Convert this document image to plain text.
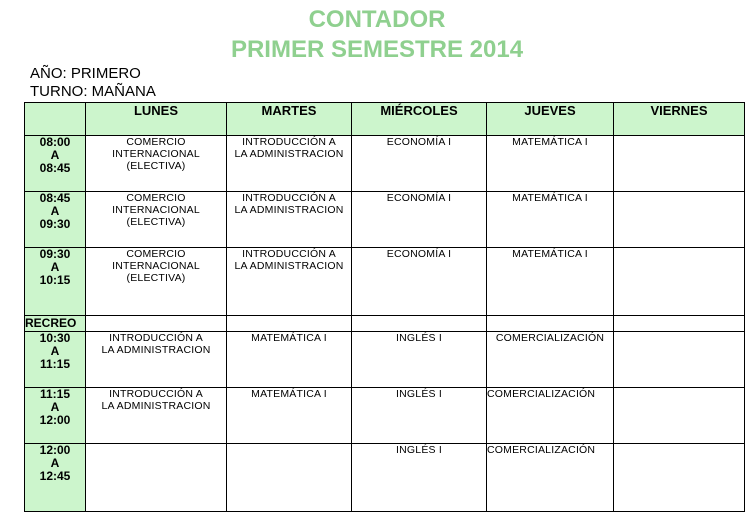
CONTADOR
PRIMER SEMESTRE 2014
AÑO: PRIMERO
TURNO: MAÑANA
	LUNES	MARTES	MIÉRCOLES	JUEVES	VIERNES

08:00
A
08:45	COMERCIO
INTERNACIONAL
(ELECTIVA)	INTRODUCCIÓN A
LA ADMINISTRACION	ECONOMÍA I	MATEMÁTICA I	

08:45
A
09:30	COMERCIO
INTERNACIONAL
(ELECTIVA)	INTRODUCCIÓN A
LA ADMINISTRACION	ECONOMÍA I	MATEMÁTICA I	

09:30
A
10:15	COMERCIO
INTERNACIONAL
(ELECTIVA)	INTRODUCCIÓN A
LA ADMINISTRACION	ECONOMÍA I	MATEMÁTICA I	

RECREO					

10:30
A
11:15	INTRODUCCIÓN A
LA ADMINISTRACION	MATEMÁTICA I	INGLÉS I	COMERCIALIZACIÓN	

11:15
A
12:00	INTRODUCCIÓN A
LA ADMINISTRACION	MATEMÁTICA I	INGLÉS I	COMERCIALIZACIÓN	

12:00
A
12:45			INGLÉS I	COMERCIALIZACIÓN	
